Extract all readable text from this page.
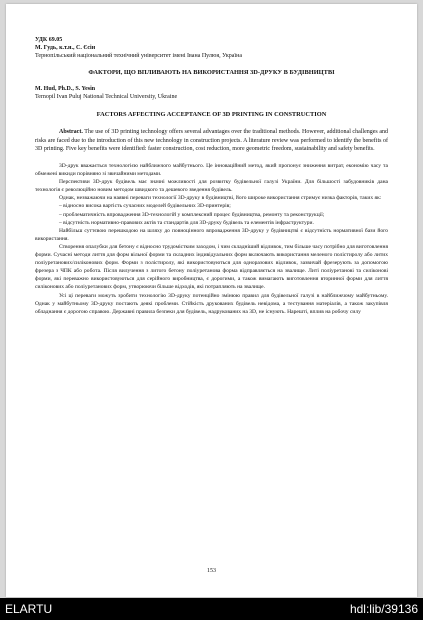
УДК 69.05

М. Гудь, к.т.н., С. Єсін

Тернопільський національний технічний університет імені Івана Пулюя, Україна

ФАКТОРИ, ЩО ВПЛИВАЮТЬ НА ВИКОРИСТАННЯ 3D-ДРУКУ В БУДІВНИЦТВІ

M. Hud, Ph.D., S. Yesin

Ternopil Ivan Puluj National Technical University, Ukraine

FACTORS AFFECTING ACCEPTANCE OF 3D PRINTING IN CONSTRUCTION

Abstract. The use of 3D printing technology offers several advantages over the traditional methods. However, additional challenges and risks are faced due to the introduction of this new technology in construction projects. A literature review was performed to identify the benefits of 3D printing. Five key benefits were identified: faster construction, cost reduction, more geometric freedom, sustainability and safety benefits.

3D-друк вважається технологією найближчого майбутнього. Це інноваційний метод, який пропонує зниження витрат, економію часу та обмежені викиди порівняно зі звичайними методами.

Перспективи 3D-друк будівель має значні можливості для розвитку будівельної галузі України. Для більшості забудовників дана технологія є революційно новим методом швидкого та дешевого зведення будівель.

Однак, незважаючи на наявні переваги технології 3D-друку в будівництві, його широке використання стримує низка факторів, таких як:

– відносно висока вартість сучасних моделей будівельних 3D-принтерів;

– проблематичність впровадження 3D-технологій у комплексний процес будівництва, ремонту та реконструкції;

– відсутність нормативно-правових актів та стандартів для 3D-друку будівель та елементів інфраструктури.

Найбільш суттєвою перешкодою на шляху до повноцінного впровадження 3D-друку у будівництві є відсутність нормативної бази його використання.

Створення опалубки для бетону є відносно трудомістким заходом, і чим складніший відливок, тим більше часу потрібно для виготовлення форми. Сучасні методи лиття для форм вільної форми та складних індивідуальних форм включають використання меленого полістиролу або литих поліуретанових/силіконових форм. Форми з полістиролу, які використовуються для одноразових відливок, зазвичай фрезерують за допомогою фрезера з ЧПК або робота. Після вилучення з литого бетону поліуретанова форма відправляється на звалище. Литі поліуретанові та силіконові форми, які переважно використовуються для серійного виробництва, є дорогими, а також вимагають виготовлення вторинної форми для лиття силіконових або поліуретанових форм, утворюючи більше відходів, які потрапляють на звалище.

Усі ці переваги можуть зробити технологію 3D-друку потенційно змінюю правил для будівельної галузі в найближчому майбутньому. Однак у майбутньому 3D-друку постають деякі проблеми. Стійкість друкованих будівель невідома, а тестування матеріалів, а також закупівля обладнання є дорогою справою. Державні правила безпеки для будівель, надрукованих на 3D, не існують. Нарешті, вплив на робочу силу

153
ELARTU	hdl:lib/39136
